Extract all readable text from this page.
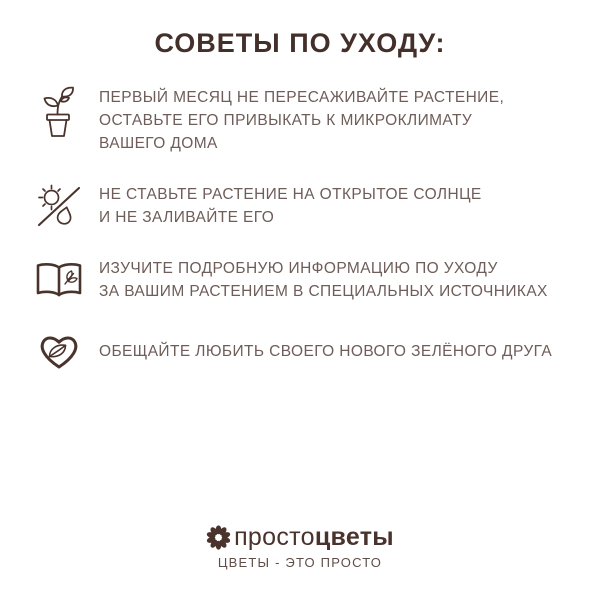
СОВЕТЫ ПО УХОДУ:
ПЕРВЫЙ МЕСЯЦ НЕ ПЕРЕСАЖИВАЙТЕ РАСТЕНИЕ,
ОСТАВЬТЕ ЕГО ПРИВЫКАТЬ К МИКРОКЛИМАТУ
ВАШЕГО ДОМА
НЕ СТАВЬТЕ РАСТЕНИЕ НА ОТКРЫТОЕ СОЛНЦЕ
И НЕ ЗАЛИВАЙТЕ ЕГО
ИЗУЧИТЕ ПОДРОБНУЮ ИНФОРМАЦИЮ ПО УХОДУ
ЗА ВАШИМ РАСТЕНИЕМ В СПЕЦИАЛЬНЫХ ИСТОЧНИКАХ
ОБЕЩАЙТЕ ЛЮБИТЬ СВОЕГО НОВОГО ЗЕЛЁНОГО ДРУГА
простоцветы
ЦВЕТЫ - ЭТО ПРОСТО
